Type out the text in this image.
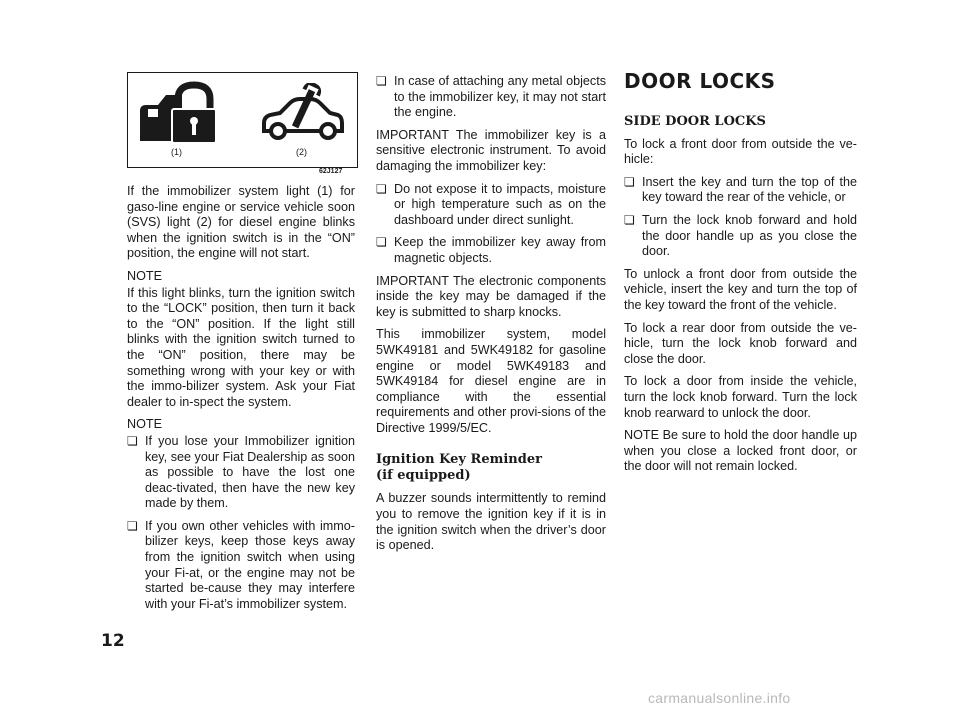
(1)	(2)
62J127

If the immobilizer system light (1) for gaso-line engine or service vehicle soon (SVS) light (2) for diesel engine blinks when the ignition switch is in the “ON” position, the engine will not start.

NOTE

If this light blinks, turn the ignition switch to the “LOCK” position, then turn it back to the “ON” position. If the light still blinks with the ignition switch turned to the “ON” position, there may be something wrong with your key or with the immo-bilizer system. Ask your Fiat dealer to in-spect the system.

NOTE

❏ If you lose your Immobilizer ignition key, see your Fiat Dealership as soon as possible to have the lost one deac-tivated, then have the new key made by them.

❏ If you own other vehicles with immo-bilizer keys, keep those keys away from the ignition switch when using your Fi-at, or the engine may not be started be-cause they may interfere with your Fi-at’s immobilizer system.

❏ In case of attaching any metal objects to the immobilizer key, it may not start the engine.

IMPORTANT The immobilizer key is a sensitive electronic instrument. To avoid damaging the immobilizer key:

❏ Do not expose it to impacts, moisture or high temperature such as on the dashboard under direct sunlight.

❏ Keep the immobilizer key away from magnetic objects.

IMPORTANT The electronic components inside the key may be damaged if the key is submitted to sharp knocks.

This immobilizer system, model 5WK49181 and 5WK49182 for gasoline engine or model 5WK49183 and 5WK49184 for diesel engine are in compliance with the essential requirements and other provi-sions of the Directive 1999/5/EC.

Ignition Key Reminder
(if equipped)

A buzzer sounds intermittently to remind you to remove the ignition key if it is in the ignition switch when the driver’s door is opened.

DOOR LOCKS
SIDE DOOR LOCKS

To lock a front door from outside the ve-hicle:

❏ Insert the key and turn the top of the key toward the rear of the vehicle, or

❏ Turn the lock knob forward and hold the door handle up as you close the door.

To unlock a front door from outside the vehicle, insert the key and turn the top of the key toward the front of the vehicle.

To lock a rear door from outside the ve-hicle, turn the lock knob forward and close the door.

To lock a door from inside the vehicle, turn the lock knob forward. Turn the lock knob rearward to unlock the door.

NOTE Be sure to hold the door handle up when you close a locked front door, or the door will not remain locked.

12
carmanualsonline.info
